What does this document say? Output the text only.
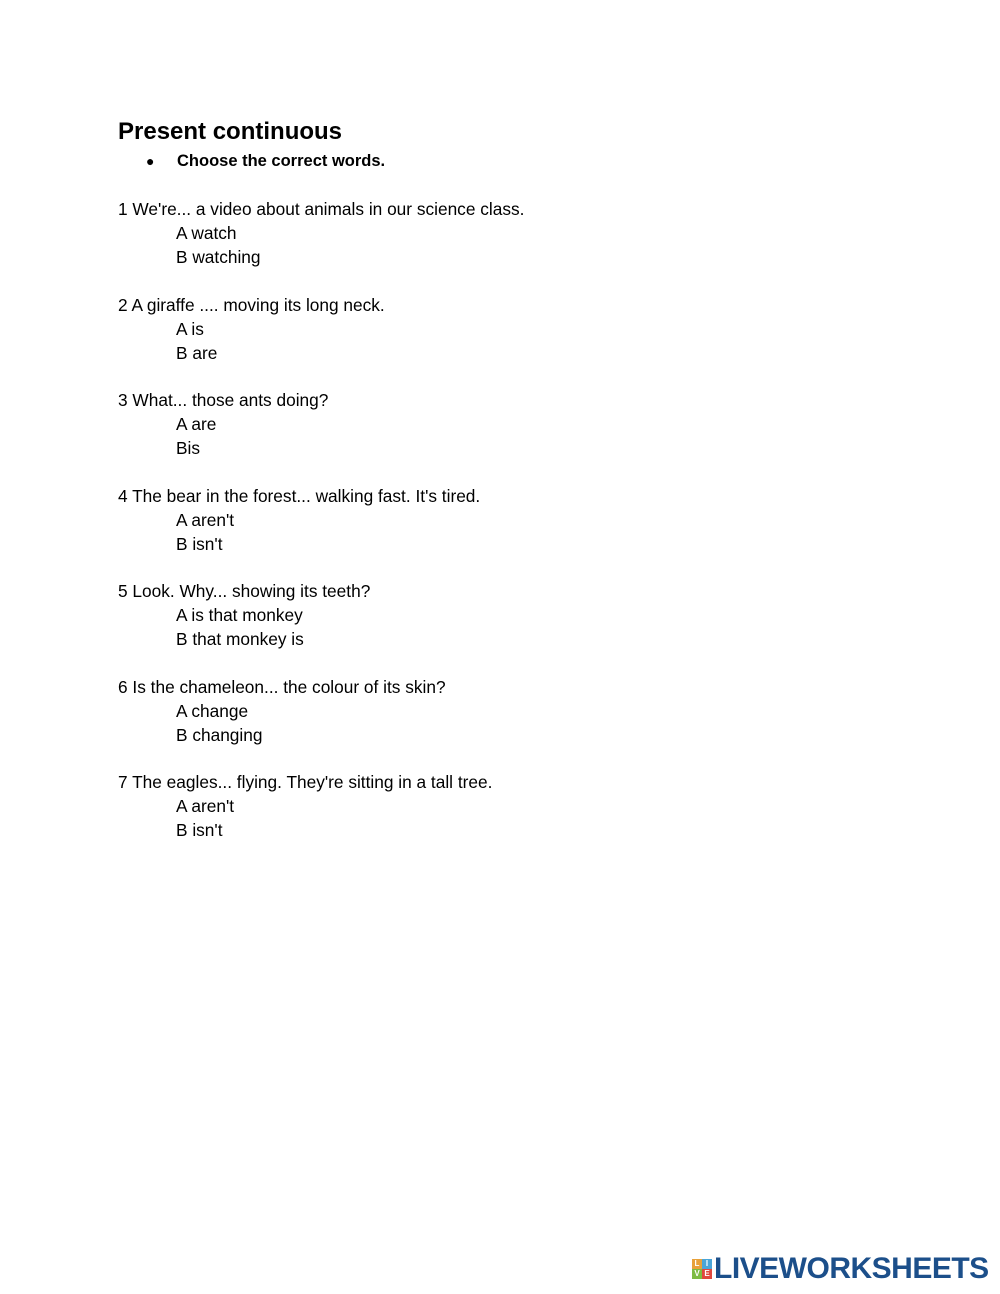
Present continuous
●	Choose the correct words.
1 We're... a video about animals in our science class.
A watch
B watching
2 A giraffe .... moving its long neck.
A is
B are
3 What... those ants doing?
A are
Bis
4 The bear in the forest... walking fast. It's tired.
A aren't
B isn't
5 Look. Why... showing its teeth?
A is that monkey
B that monkey is
6 Is the chameleon... the colour of its skin?
A change
B changing
7 The eagles... flying. They're sitting in a tall tree.
A aren't
B isn't
L I
V E LIVEWORKSHEETS
